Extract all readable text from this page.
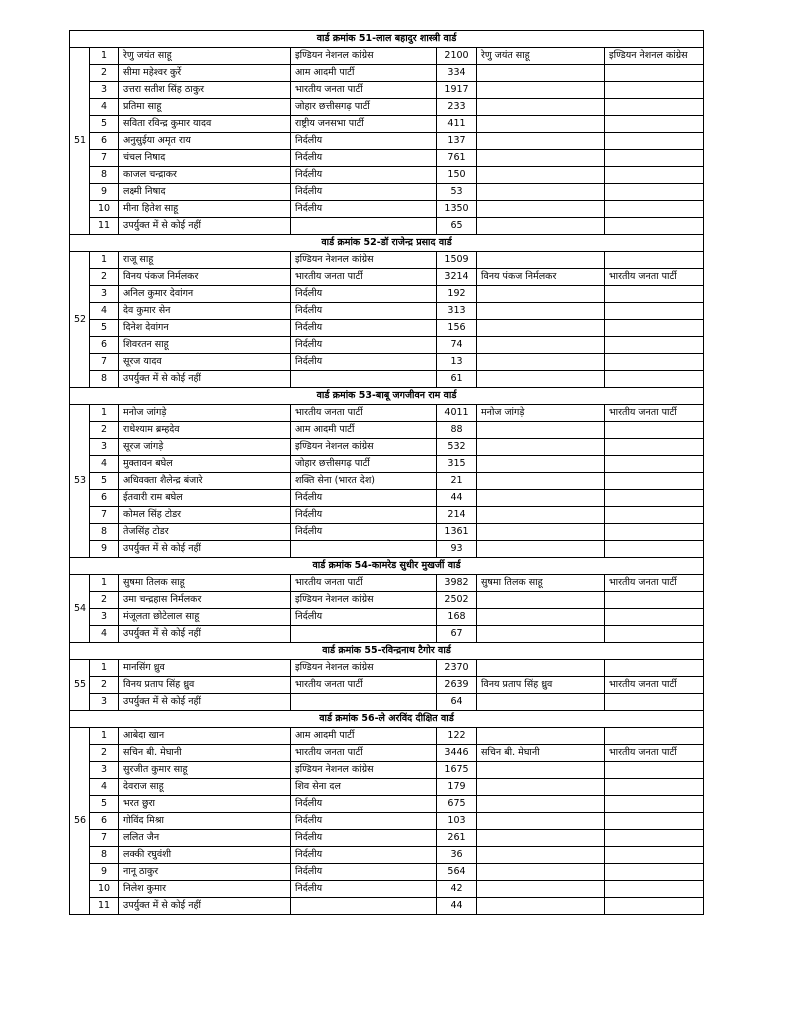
वार्ड क्रमांक 51-लाल बहादुर शास्त्री वार्ड						
51	1	रेणु जयंत साहू	इण्डियन नेशनल कांग्रेस	2100	रेणु जयंत साहू	इण्डियन नेशनल कांग्रेस
	2	सीमा महेश्वर कुर्रे	आम आदमी पार्टी	334		
	3	उत्तरा सतीश सिंह ठाकुर	भारतीय जनता पार्टी	1917		
	4	प्रतिमा साहू	जोहार छत्तीसगढ़ पार्टी	233		
	5	सविता रविन्द्र कुमार यादव	राष्ट्रीय जनसभा पार्टी	411		
	6	अनुसुईया अमृत राय	निर्दलीय	137		
	7	चंचल निषाद	निर्दलीय	761		
	8	काजल चन्द्राकर	निर्दलीय	150		
	9	लक्ष्मी निषाद	निर्दलीय	53		
	10	मीना हितेश साहू	निर्दलीय	1350		
	11	उपर्युक्त में से कोई नहीं		65		
वार्ड क्रमांक 52-डॉ राजेन्द्र प्रसाद वार्ड						
52	1	राजू साहू	इण्डियन नेशनल कांग्रेस	1509		
	2	विनय पंकज निर्मलकर	भारतीय जनता पार्टी	3214	विनय पंकज निर्मलकर	भारतीय जनता पार्टी
	3	अनिल कुमार देवांगन	निर्दलीय	192		
	4	देव कुमार सेन	निर्दलीय	313		
	5	दिनेश देवांगन	निर्दलीय	156		
	6	शिवरतन साहू	निर्दलीय	74		
	7	सूरज यादव	निर्दलीय	13		
	8	उपर्युक्त में से कोई नहीं		61		
वार्ड क्रमांक 53-बाबू जगजीवन राम वार्ड						
53	1	मनोज जांगड़े	भारतीय जनता पार्टी	4011	मनोज जांगड़े	भारतीय जनता पार्टी
	2	राधेश्याम ब्रम्हदेव	आम आदमी पार्टी	88		
	3	सूरज जांगड़े	इण्डियन नेशनल कांग्रेस	532		
	4	मुक्तावन बघेल	जोहार छत्तीसगढ़ पार्टी	315		
	5	अधिवक्ता शैलेन्द्र बंजारे	शक्ति सेना (भारत देश)	21		
	6	ईतवारी राम बघेल	निर्दलीय	44		
	7	कोमल सिंह टोडर	निर्दलीय	214		
	8	तेजसिंह टोडर	निर्दलीय	1361		
	9	उपर्युक्त में से कोई नहीं		93		
वार्ड क्रमांक 54-कामरेड सुधीर मुखर्जी वार्ड						
54	1	सुषमा तिलक साहू	भारतीय जनता पार्टी	3982	सुषमा तिलक साहू	भारतीय जनता पार्टी
	2	उमा चन्द्रहास निर्मलकर	इण्डियन नेशनल कांग्रेस	2502		
	3	मंजूलता छोटेलाल साहू	निर्दलीय	168		
	4	उपर्युक्त में से कोई नहीं		67		
वार्ड क्रमांक 55-रविन्द्रनाथ टैगोर वार्ड						
55	1	मानसिंग ध्रुव	इण्डियन नेशनल कांग्रेस	2370		
	2	विनय प्रताप सिंह ध्रुव	भारतीय जनता पार्टी	2639	विनय प्रताप सिंह ध्रुव	भारतीय जनता पार्टी
	3	उपर्युक्त में से कोई नहीं		64		
वार्ड क्रमांक 56-ले अरविंद दीक्षित वार्ड						
56	1	आबेदा खान	आम आदमी पार्टी	122		
	2	सचिन बी. मेघानी	भारतीय जनता पार्टी	3446	सचिन बी. मेघानी	भारतीय जनता पार्टी
	3	सुरजीत कुमार साहू	इण्डियन नेशनल कांग्रेस	1675		
	4	देवराज साहू	शिव सेना दल	179		
	5	भरत छुरा	निर्दलीय	675		
	6	गोविंद मिश्रा	निर्दलीय	103		
	7	ललित जैन	निर्दलीय	261		
	8	लक्की रघुवंशी	निर्दलीय	36		
	9	नानू ठाकुर	निर्दलीय	564		
	10	निलेश कुमार	निर्दलीय	42		
	11	उपर्युक्त में से कोई नहीं		44		
